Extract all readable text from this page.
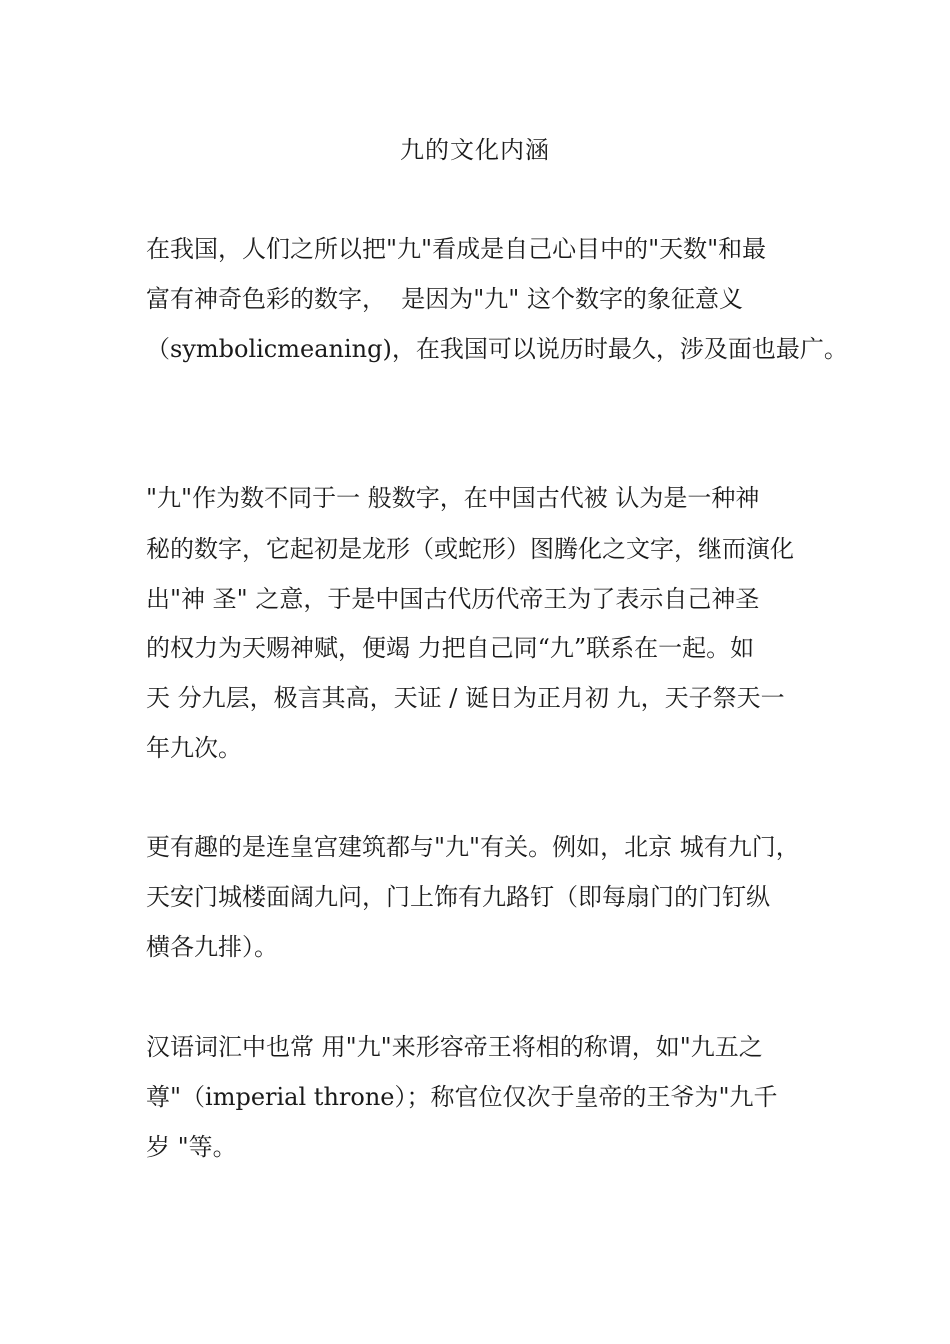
九的文化内涵
在我国，人们之所以把"九"看成是自己心目中的"天数"和最
富有神奇色彩的数字，  是因为"九" 这个数字的象征意义
（symbolicmeaning)，在我国可以说历时最久，涉及面也最广。
"九"作为数不同于一 般数字，在中国古代被 认为是一种神
秘的数字，它起初是龙形（或蛇形）图腾化之文字，继而演化
出"神 圣" 之意，于是中国古代历代帝王为了表示自己神圣
的权力为天赐神赋，便竭 力把自己同“九”联系在一起。如
天 分九层，极言其高，天证 / 诞日为正月初 九，天子祭天一
年九次。
更有趣的是连皇宫建筑都与"九"有关。例如，北京 城有九门，
天安门城楼面阔九问，门上饰有九路钉（即每扇门的门钉纵
横各九排）。
汉语词汇中也常 用"九"来形容帝王将相的称谓，如"九五之
尊"（imperial throne）；称官位仅次于皇帝的王爷为"九千
岁 "等。
